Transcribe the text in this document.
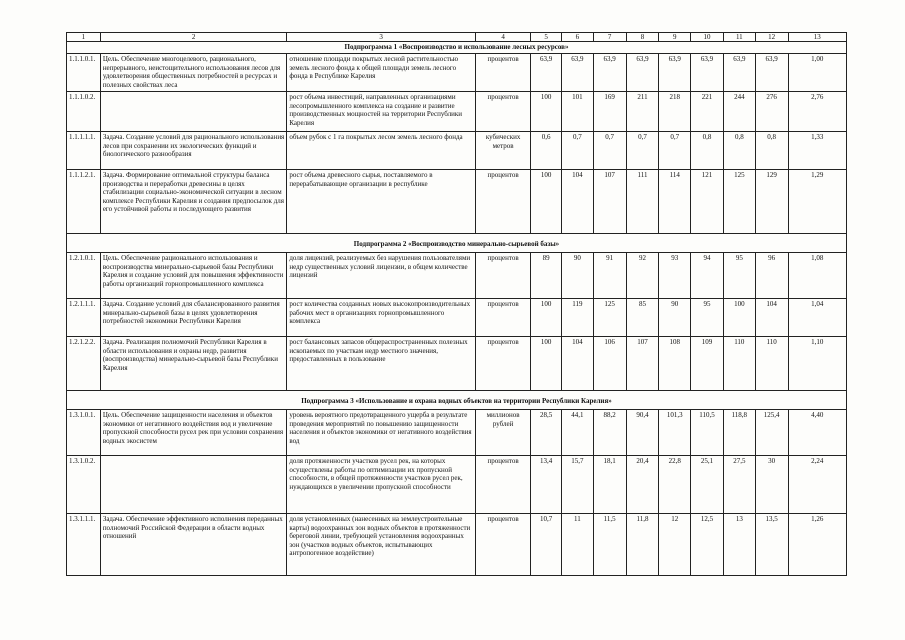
1	2	3	4	5	6	7	8	9	10	11	12	13
Подпрограмма 1 «Воспроизводство и использование лесных ресурсов»												
1.1.1.0.1.	Цель. Обеспечение многоцелевого, рационального, непрерывного, неистощительного использования лесов для удовлетворения общественных потребностей в ресурсах и полезных свойствах леса	отношение площади покрытых лесной растительностью земель лесного фонда к общей площади земель лесного фонда в Республике Карелия	процентов	63,9	63,9	63,9	63,9	63,9	63,9	63,9	63,9	1,00
1.1.1.0.2.		рост объема инвестиций, направленных организациями лесопромышленного комплекса на создание и развитие производственных мощностей на территории Республики Карелия	процентов	100	101	169	211	218	221	244	276	2,76
1.1.1.1.1.	Задача. Создание условий для рационального использования лесов при сохранении их экологических функций и биологического разнообразия	объем рубок с 1 га покрытых лесом земель лесного фонда	кубических метров	0,6	0,7	0,7	0,7	0,7	0,8	0,8	0,8	1,33
1.1.1.2.1.	Задача. Формирование оптимальной структуры баланса производства и переработки древесины в целях стабилизации социально-экономической ситуации в лесном комплексе Республики Карелия и создания предпосылок для его устойчивой работы и последующего развития	рост объема древесного сырья, поставляемого в перерабатывающие организации в республике	процентов	100	104	107	111	114	121	125	129	1,29
Подпрограмма 2 «Воспроизводство минерально-сырьевой базы»												
1.2.1.0.1.	Цель. Обеспечение рационального использования и воспроизводства минерально-сырьевой базы Республики Карелия и создание условий для повышения эффективности работы организаций горнопромышленного комплекса	доля лицензий, реализуемых без нарушения пользователями недр существенных условий лицензии, в общем количестве лицензий	процентов	89	90	91	92	93	94	95	96	1,08
1.2.1.1.1.	Задача. Создание условий для сбалансированного развития минерально-сырьевой базы в целях удовлетворения потребностей экономики Республики Карелия	рост количества созданных новых высокопроизводительных рабочих мест в организациях горнопромышленного комплекса	процентов	100	119	125	85	90	95	100	104	1,04
1.2.1.2.2.	Задача. Реализация полномочий Республики Карелия в области использования и охраны недр, развития (воспроизводства) минерально-сырьевой базы Республики Карелия	рост балансовых запасов общераспространенных полезных ископаемых по участкам недр местного значения, предоставленных в пользование	процентов	100	104	106	107	108	109	110	110	1,10
Подпрограмма 3 «Использование и охрана водных объектов на территории Республики Карелия»												
1.3.1.0.1.	Цель. Обеспечение защищенности населения и объектов экономики от негативного воздействия вод и увеличение пропускной способности русел рек при условии сохранения водных экосистем	уровень вероятного предотвращенного ущерба в результате проведения мероприятий по повышению защищенности населения и объектов экономики от негативного воздействия вод	миллионов рублей	28,5	44,1	88,2	90,4	101,3	110,5	118,8	125,4	4,40
1.3.1.0.2.		доля протяженности участков русел рек, на которых осуществлены работы по оптимизации их пропускной способности, в общей протяженности участков русел рек, нуждающихся в увеличении пропускной способности	процентов	13,4	15,7	18,1	20,4	22,8	25,1	27,5	30	2,24
1.3.1.1.1.	Задача. Обеспечение эффективного исполнения переданных полномочий Российской Федерации в области водных отношений	доля установленных (нанесенных на землеустроительные карты) водоохранных зон водных объектов в протяженности береговой линии, требующей установления водоохранных зон (участков водных объектов, испытывающих антропогенное воздействие)	процентов	10,7	11	11,5	11,8	12	12,5	13	13,5	1,26
